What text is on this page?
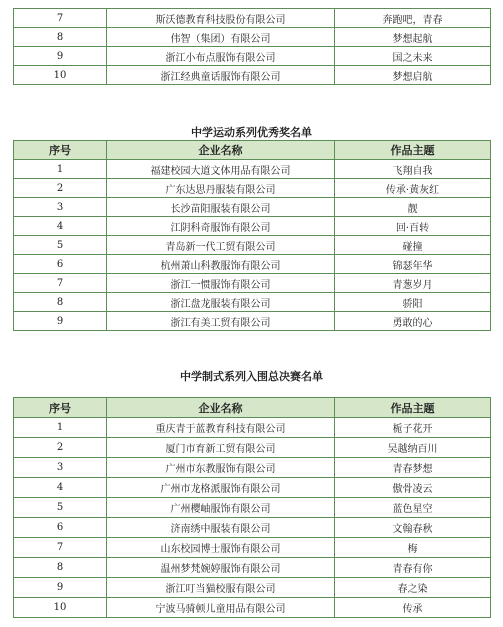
7	斯沃德教育科技股份有限公司	奔跑吧，青春
8	伟智（集团）有限公司	梦想起航
9	浙江小布点服饰有限公司	国之未来
10	浙江经典童话服饰有限公司	梦想启航
中学运动系列优秀奖名单
序号	企业名称	作品主题
1	福建校园大道文体用品有限公司	飞翔自我
2	广东达思丹服装有限公司	传承·黄灰红
3	长沙苗阳服装有限公司	靓
4	江阴科奇服饰有限公司	回·百转
5	青岛新一代工贸有限公司	碰撞
6	杭州萧山科教服饰有限公司	锦瑟年华
7	浙江一惯服饰有限公司	青葱岁月
8	浙江盘龙服装有限公司	骄阳
9	浙江有美工贸有限公司	勇敢的心
中学制式系列入围总决赛名单
序号	企业名称	作品主题
1	重庆青于蓝教育科技有限公司	栀子花开
2	厦门市育新工贸有限公司	吴越纳百川
3	广州市东教服饰有限公司	青春梦想
4	广州市龙格派服饰有限公司	傲骨凌云
5	广州樱岫服饰有限公司	蓝色星空
6	济南绣中服装有限公司	文翰春秋
7	山东校园博士服饰有限公司	梅
8	温州梦梵婉婷服饰有限公司	青春有你
9	浙江叮当猫校服有限公司	春之染
10	宁波马骑顿儿童用品有限公司	传承
